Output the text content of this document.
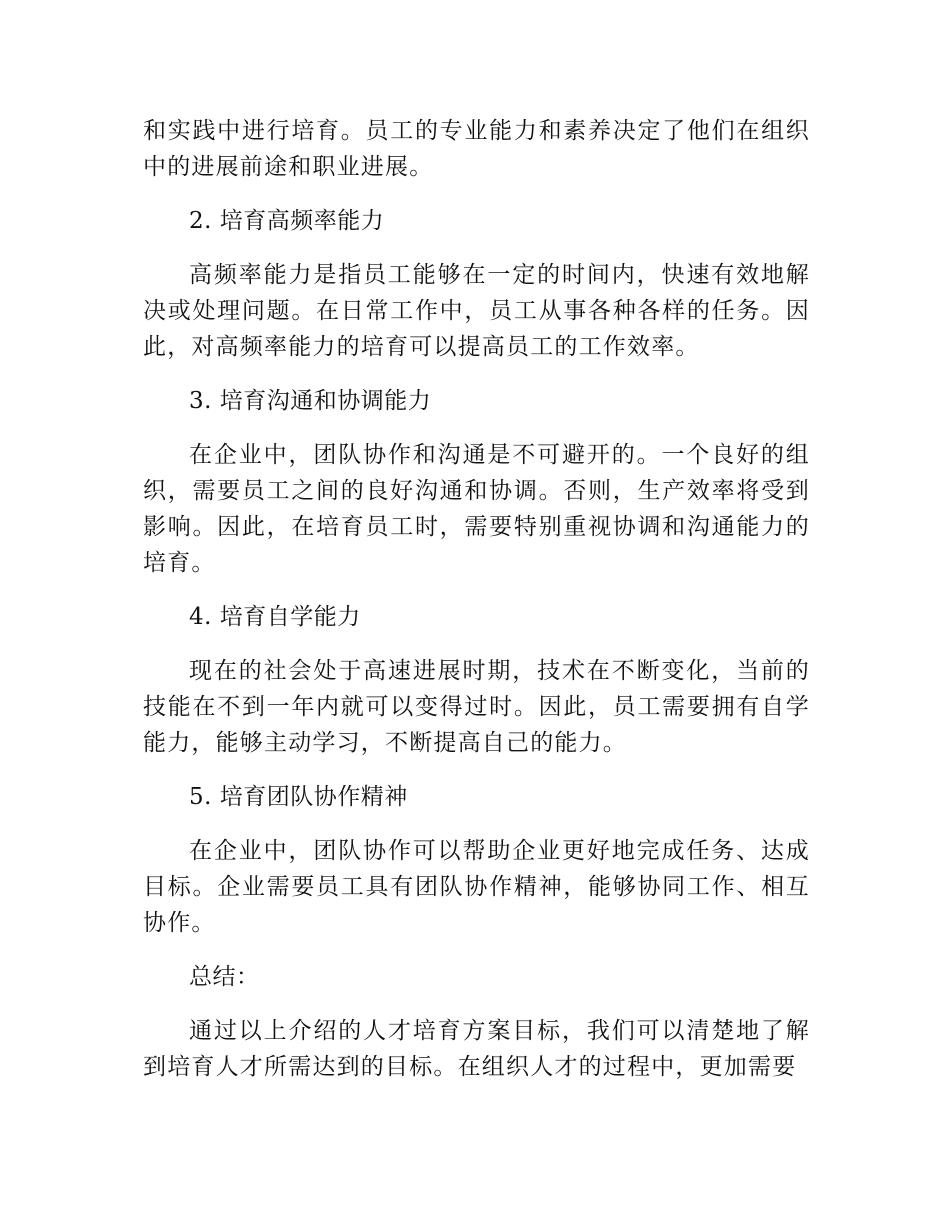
和实践中进行培育。员工的专业能力和素养决定了他们在组织中的进展前途和职业进展。

2. 培育高频率能力

高频率能力是指员工能够在一定的时间内，快速有效地解决或处理问题。在日常工作中，员工从事各种各样的任务。因此，对高频率能力的培育可以提高员工的工作效率。

3. 培育沟通和协调能力

在企业中，团队协作和沟通是不可避开的。一个良好的组织，需要员工之间的良好沟通和协调。否则，生产效率将受到影响。因此，在培育员工时，需要特别重视协调和沟通能力的培育。

4. 培育自学能力

现在的社会处于高速进展时期，技术在不断变化，当前的技能在不到一年内就可以变得过时。因此，员工需要拥有自学能力，能够主动学习，不断提高自己的能力。

5. 培育团队协作精神

在企业中，团队协作可以帮助企业更好地完成任务、达成目标。企业需要员工具有团队协作精神，能够协同工作、相互协作。

总结：

通过以上介绍的人才培育方案目标，我们可以清楚地了解到培育人才所需达到的目标。在组织人才的过程中，更加需要
